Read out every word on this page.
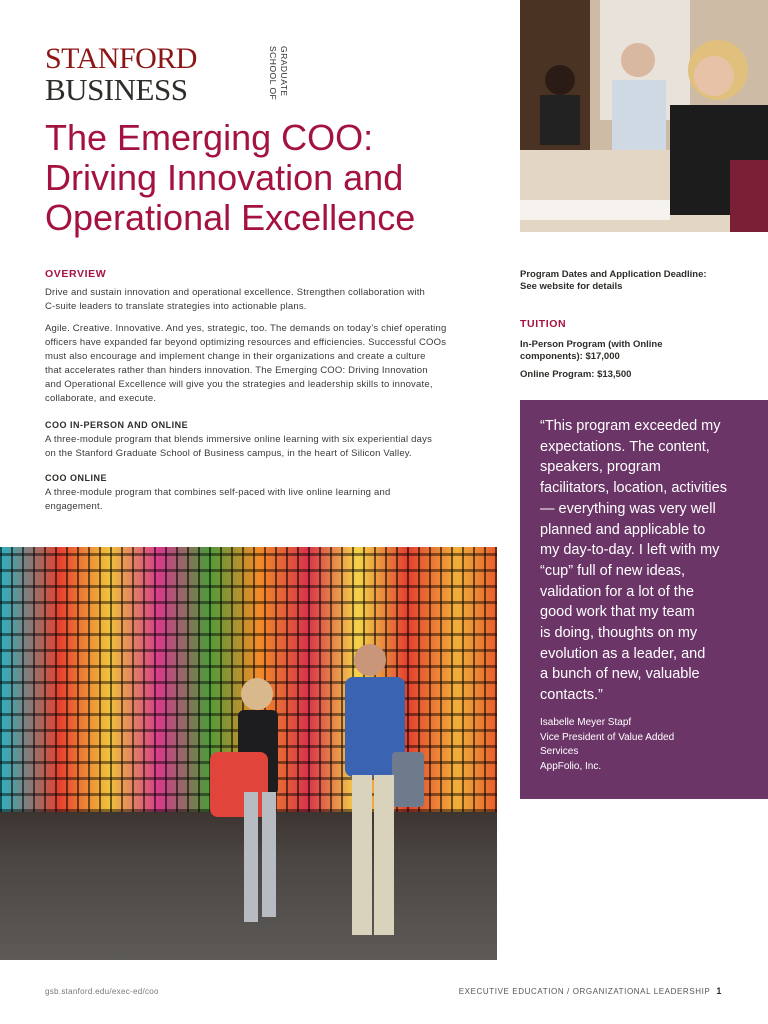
STANFORD
BUSINESS	GRADUATE
SCHOOL OF
The Emerging COO:
Driving Innovation and
Operational Excellence
OVERVIEW

Drive and sustain innovation and operational excellence. Strengthen collaboration with
C-suite leaders to translate strategies into actionable plans.

Agile. Creative. Innovative. And yes, strategic, too. The demands on today’s chief operating
officers have expanded far beyond optimizing resources and efficiencies. Successful COOs
must also encourage and implement change in their organizations and create a culture
that accelerates rather than hinders innovation. The Emerging COO: Driving Innovation
and Operational Excellence will give you the strategies and leadership skills to innovate,
collaborate, and execute.

COO IN-PERSON AND ONLINE

A three-module program that blends immersive online learning with six experiential days
on the Stanford Graduate School of Business campus, in the heart of Silicon Valley.

COO ONLINE

A three-module program that combines self-paced with live online learning and
engagement.

Program Dates and Application Deadline:
See website for details

TUITION

In-Person Program (with Online
components): $17,000

Online Program: $13,500

“This program exceeded my
expectations. The content,
speakers, program
facilitators, location, activities
— everything was very well
planned and applicable to
my day-to-day. I left with my
“cup” full of new ideas,
validation for a lot of the
good work that my team
is doing, thoughts on my
evolution as a leader, and
a bunch of new, valuable
contacts.”

Isabelle Meyer Stapf
Vice President of Value Added
Services
AppFolio, Inc.

gsb.stanford.edu/exec-ed/coo	EXECUTIVE EDUCATION / ORGANIZATIONAL LEADERSHIP 1
